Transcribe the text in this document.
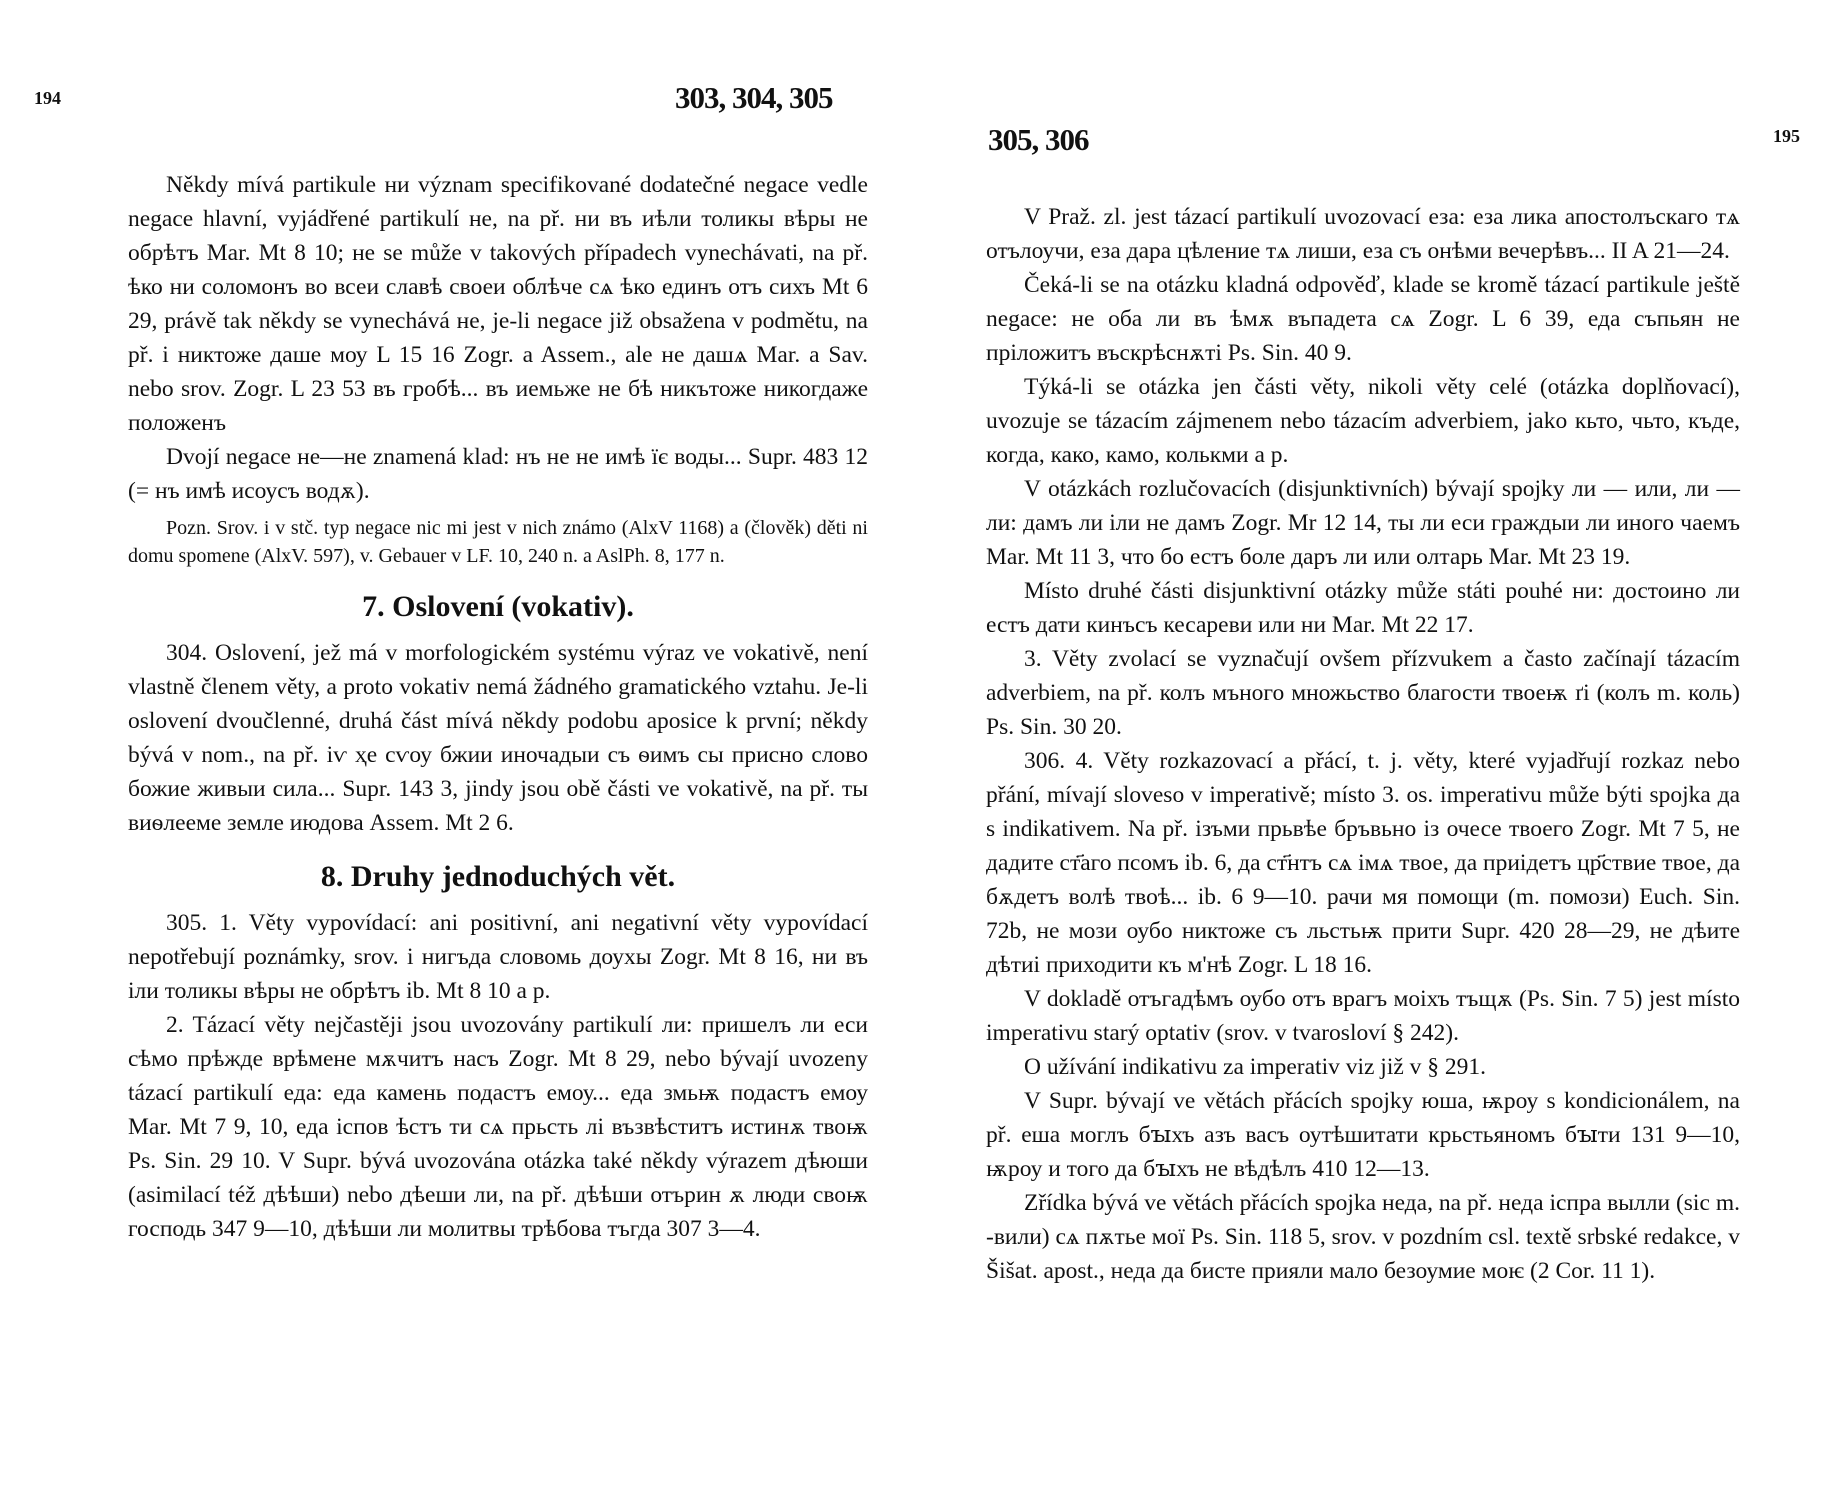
194	303, 304, 305

Někdy mívá partikule ни význam specifikované dodatečné negace vedle negace hlavní, vyjádřené partikulí не, na př. ни въ иѣли толикы вѣры не обрѣтъ Mar. Mt 8 10; не se může v takových případech vynechávati, na př. ѣко ни соломонъ во всеи славѣ своеи облѣче сѧ ѣко единъ отъ сихъ Mt 6 29, právě tak někdy se vynechává не, je-li negace již obsažena v podmětu, na př. і никтоже даше моу L 15 16 Zogr. a Assem., ale не дашѧ Mar. a Sav. nebo srov. Zogr. L 23 53 въ гробѣ... въ иемьже не бѣ никътоже никогдаже положенъ

Dvojí negace не—не znamená klad: нъ не не имѣ їє воды... Supr. 483 12 (= нъ имѣ исоусъ водѫ).

Pozn. Srov. i v stč. typ negace nic mi jest v nich známo (AlxV 1168) a (člověk) děti ni domu spomene (AlxV. 597), v. Gebauer v LF. 10, 240 n. a AslPh. 8, 177 n.

7. Oslovení (vokativ).

304. Oslovení, jež má v morfologickém systému výraz ve vokativě, není vlastně členem věty, a proto vokativ nemá žádného gramatického vztahu. Je-li oslovení dvoučlenné, druhá část mívá někdy podobu aposice k první; někdy bývá v nom., na př. іѵ ҳе сѵоу бжии иночадыи съ ѳимъ сы присно слово божие живыи сила... Supr. 143 3, jindy jsou obě části ve vokativě, na př. ты виѳлееме земле июдова Assem. Mt 2 6.

8. Druhy jednoduchých vět.

305. 1. Věty vypovídací: ani positivní, ani negativní věty vypovídací nepotřebují poznámky, srov. і нигъда словомь доуxы Zogr. Mt 8 16, ни въ іли толикы вѣры не обрѣтъ ib. Mt 8 10 a p.

2. Tázací věty nejčastěji jsou uvozovány partikulí ли: пришелъ ли еси сѣмо прѣжде врѣмене мѫчитъ насъ Zogr. Mt 8 29, nebo bývají uvozeny tázací partikulí еда: еда камень подастъ емоу... еда змьѭ подастъ емоу Mar. Mt 7 9, 10, еда іспов ѣстъ ти сѧ прьсть лі възвѣститъ истинѫ твоѭ Ps. Sin. 29 10. V Supr. bývá uvozována otázka také někdy výrazem дѣюши (asimilací též дѣѣши) nebo дѣеши ли, na př. дѣѣши отърин ѫ люди своѭ господь 347 9—10, дѣѣши ли молитвы трѣбова тъгда 307 3—4.

195
305, 306

V Praž. zl. jest tázací partikulí uvozovací еза: еза лика апостолъскаго тѧ отълоучи, еза дара цѣление тѧ лиши, еза съ онѣми вечерѣвъ... II A 21—24.

Čeká-li se na otázku kladná odpověď, klade se kromě tázací partikule ještě negace: не оба ли въ ѣмѫ въпадета сѧ Zogr. L 6 39, еда съпьян не пріложитъ въскрѣснѫті Ps. Sin. 40 9.

Týká-li se otázka jen části věty, nikoli věty celé (otázka doplňovací), uvozuje se tázacím zájmenem nebo tázacím adverbiem, jako кьто, чьто, къде, когда, како, камо, колькми a p.

V otázkách rozlučovacích (disjunktivních) bývají spojky ли — или, ли — ли: дамъ ли іли не дамъ Zogr. Mr 12 14, ты ли еси граждыи ли иного чаемъ Mar. Mt 11 3, что бо естъ боле даръ ли или олтарь Mar. Mt 23 19.

Místo druhé části disjunktivní otázky může státi pouhé ни: достоино ли естъ дати кинъсъ кесареви или ни Mar. Mt 22 17.

3. Věty zvolací se vyznačují ovšem přízvukem a často začínají tázacím adverbiem, na př. колъ мъного множьство благости твоеѭ ґі (колъ m. коль) Ps. Sin. 30 20.

306. 4. Věty rozkazovací a přácí, t. j. věty, které vyjadřují rozkaz nebo přání, mívají sloveso v imperativě; místo 3. os. imperativu může býti spojka да s indikativem. Na př. ізъми прьвѣе бръвьно із очесе твоего Zogr. Mt 7 5, не дадите ст҃аго псомъ ib. 6, да ст҃нтъ сѧ імѧ твое, да приідетъ цр҃ствие твое, да бѫдетъ волѣ твоѣ... ib. 6 9—10. рачи мя помощи (m. помози) Euch. Sin. 72b, не мози оубо никтоже съ льстьѭ прити Supr. 420 28—29, не дѣите дѣтиі приходити къ м'нѣ Zogr. L 18 16.

V dokladě отъгадѣмъ оубо отъ врагъ моіхъ тъщѫ (Ps. Sin. 7 5) jest místo imperativu starý optativ (srov. v tvarosloví § 242).

O užívání indikativu za imperativ viz již v § 291.

V Supr. bývají ve větách přácích spojky юша, ѭроу s kondicionálem, na př. еша моглъ бꙑхъ азъ васъ оутѣшитати крьстьяномъ бꙑти 131 9—10, ѭроу и того да бꙑхъ не вѣдѣлъ 410 12—13.

Zřídka bývá ve větách přácích spojka неда, na př. неда іспра вылли (sic m. -вили) сѧ пѫтье мої Ps. Sin. 118 5, srov. v pozdním csl. textě srbské redakce, v Šišat. apost., неда да бисте прияли мало безоумие моѥ (2 Cor. 11 1).
